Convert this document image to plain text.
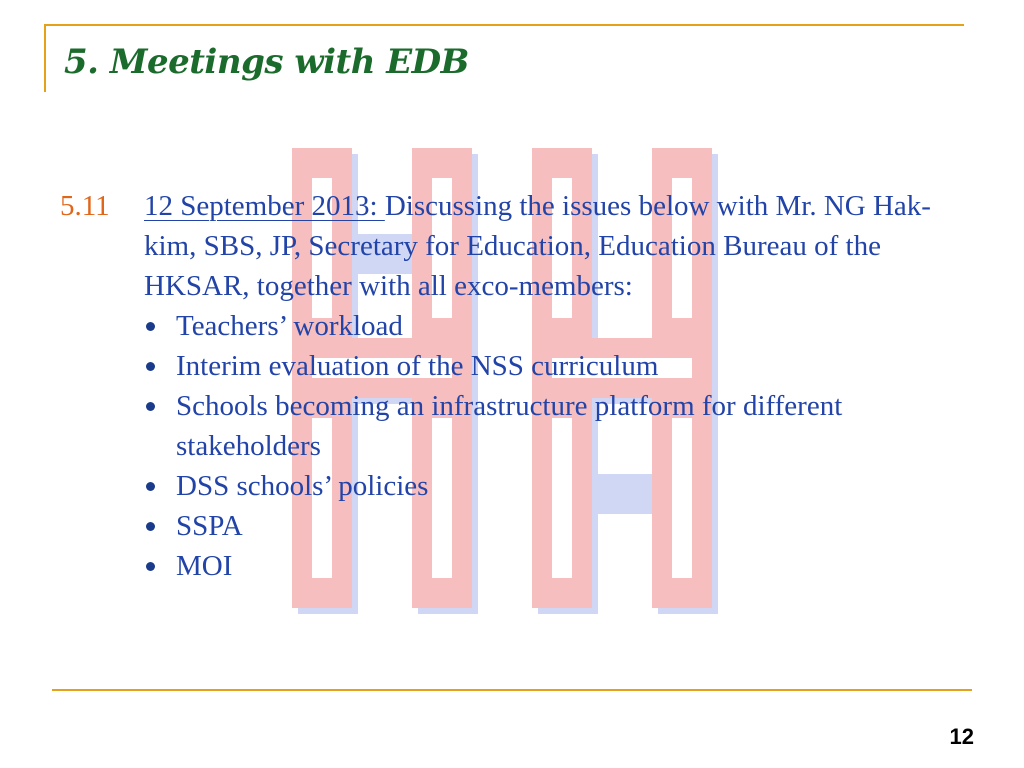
5. Meetings with EDB
5.11 12 September 2013: Discussing the issues below with Mr. NG Hak-kim, SBS, JP, Secretary for Education, Education Bureau of the HKSAR, together with all exco-members:
Teachers’ workload
Interim evaluation of the NSS curriculum
Schools becoming an infrastructure platform for different stakeholders
DSS schools’ policies
SSPA
MOI
12
